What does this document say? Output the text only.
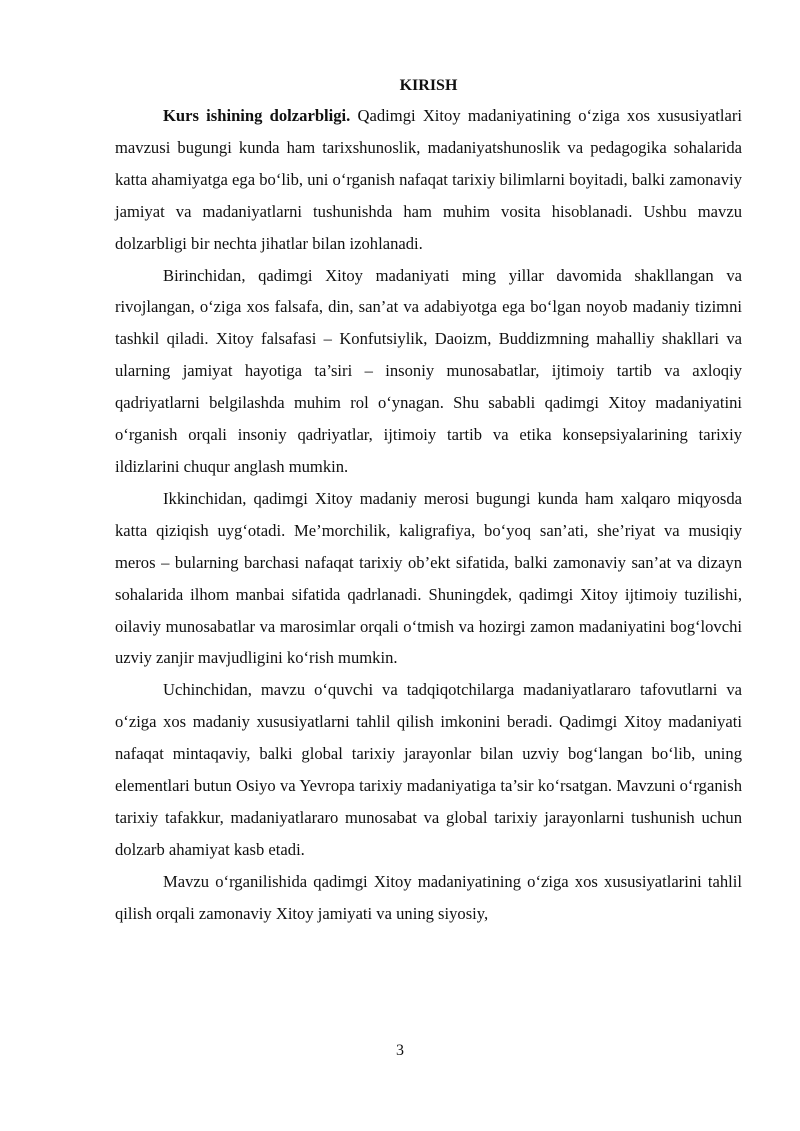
KIRISH

Kurs ishining dolzarbligi. Qadimgi Xitoy madaniyatining o‘ziga xos xususiyatlari mavzusi bugungi kunda ham tarixshunoslik, madaniyatshunoslik va pedagogika sohalarida katta ahamiyatga ega bo‘lib, uni o‘rganish nafaqat tarixiy bilimlarni boyitadi, balki zamonaviy jamiyat va madaniyatlarni tushunishda ham muhim vosita hisoblanadi. Ushbu mavzu dolzarbligi bir nechta jihatlar bilan izohlanadi.

Birinchidan, qadimgi Xitoy madaniyati ming yillar davomida shakllangan va rivojlangan, o‘ziga xos falsafa, din, san’at va adabiyotga ega bo‘lgan noyob madaniy tizimni tashkil qiladi. Xitoy falsafasi – Konfutsiylik, Daoizm, Buddizmning mahalliy shakllari va ularning jamiyat hayotiga ta’siri – insoniy munosabatlar, ijtimoiy tartib va axloqiy qadriyatlarni belgilashda muhim rol o‘ynagan. Shu sababli qadimgi Xitoy madaniyatini o‘rganish orqali insoniy qadriyatlar, ijtimoiy tartib va etika konsepsiyalarining tarixiy ildizlarini chuqur anglash mumkin.

Ikkinchidan, qadimgi Xitoy madaniy merosi bugungi kunda ham xalqaro miqyosda katta qiziqish uyg‘otadi. Me’morchilik, kaligrafiya, bo‘yoq san’ati, she’riyat va musiqiy meros – bularning barchasi nafaqat tarixiy ob’ekt sifatida, balki zamonaviy san’at va dizayn sohalarida ilhom manbai sifatida qadrlanadi. Shuningdek, qadimgi Xitoy ijtimoiy tuzilishi, oilaviy munosabatlar va marosimlar orqali o‘tmish va hozirgi zamon madaniyatini bog‘lovchi uzviy zanjir mavjudligini ko‘rish mumkin.

Uchinchidan, mavzu o‘quvchi va tadqiqotchilarga madaniyatlararo tafovutlarni va o‘ziga xos madaniy xususiyatlarni tahlil qilish imkonini beradi. Qadimgi Xitoy madaniyati nafaqat mintaqaviy, balki global tarixiy jarayonlar bilan uzviy bog‘langan bo‘lib, uning elementlari butun Osiyo va Yevropa tarixiy madaniyatiga ta’sir ko‘rsatgan. Mavzuni o‘rganish tarixiy tafakkur, madaniyatlararo munosabat va global tarixiy jarayonlarni tushunish uchun dolzarb ahamiyat kasb etadi.

Mavzu o‘rganilishida qadimgi Xitoy madaniyatining o‘ziga xos xususiyatlarini tahlil qilish orqali zamonaviy Xitoy jamiyati va uning siyosiy,

3
